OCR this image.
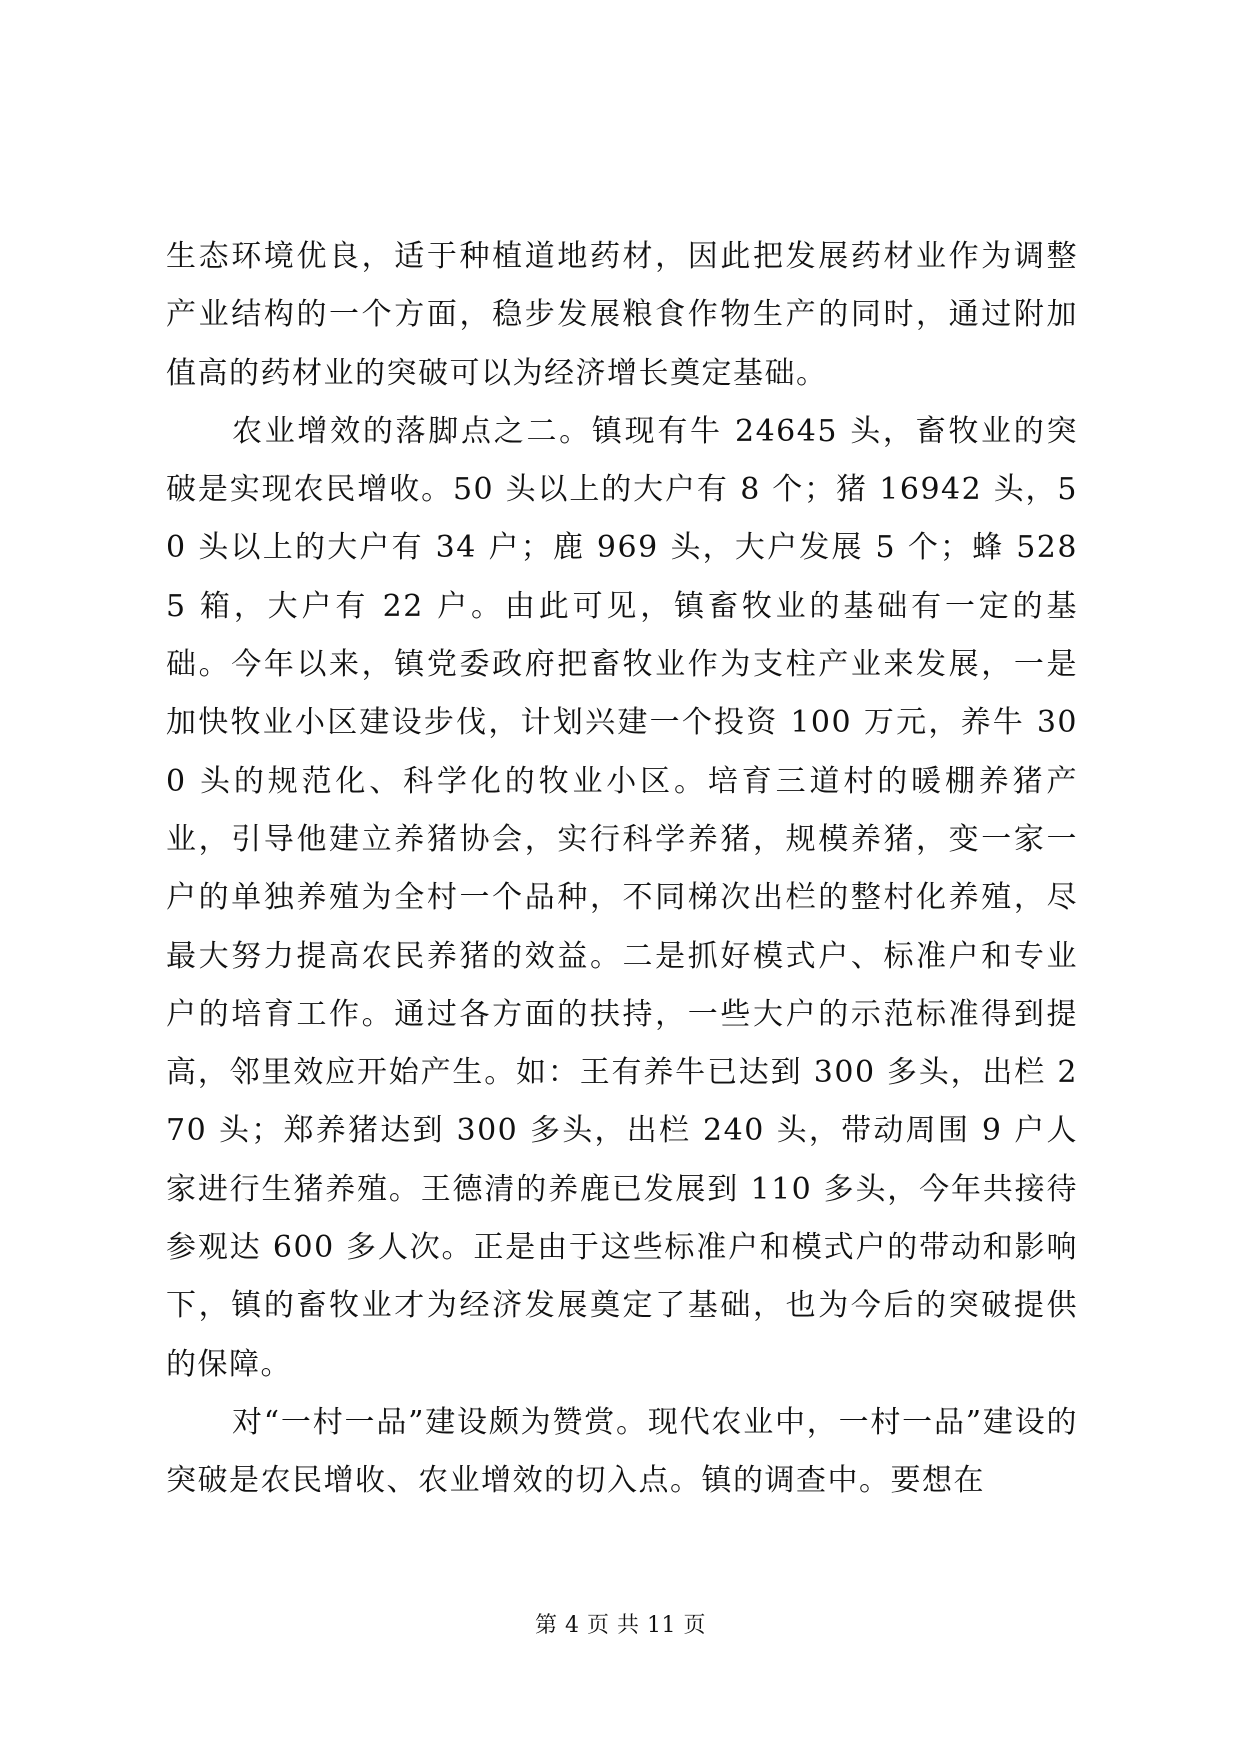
生态环境优良，适于种植道地药材，因此把发展药材业作为调整产业结构的一个方面，稳步发展粮食作物生产的同时，通过附加值高的药材业的突破可以为经济增长奠定基础。

农业增效的落脚点之二。镇现有牛 24645 头，畜牧业的突破是实现农民增收。50 头以上的大户有 8 个；猪 16942 头，50 头以上的大户有 34 户；鹿 969 头，大户发展 5 个；蜂 5285 箱，大户有 22 户。由此可见，镇畜牧业的基础有一定的基础。今年以来，镇党委政府把畜牧业作为支柱产业来发展，一是加快牧业小区建设步伐，计划兴建一个投资 100 万元，养牛 300 头的规范化、科学化的牧业小区。培育三道村的暖棚养猪产业，引导他建立养猪协会，实行科学养猪，规模养猪，变一家一户的单独养殖为全村一个品种，不同梯次出栏的整村化养殖，尽最大努力提高农民养猪的效益。二是抓好模式户、标准户和专业户的培育工作。通过各方面的扶持，一些大户的示范标准得到提高，邻里效应开始产生。如：王有养牛已达到 300 多头，出栏 270 头；郑养猪达到 300 多头，出栏 240 头，带动周围 9 户人家进行生猪养殖。王德清的养鹿已发展到 110 多头，今年共接待参观达 600 多人次。正是由于这些标准户和模式户的带动和影响下，镇的畜牧业才为经济发展奠定了基础，也为今后的突破提供的保障。

对“一村一品”建设颇为赞赏。现代农业中，一村一品”建设的突破是农民增收、农业增效的切入点。镇的调查中。要想在

第 4 页 共 11 页
